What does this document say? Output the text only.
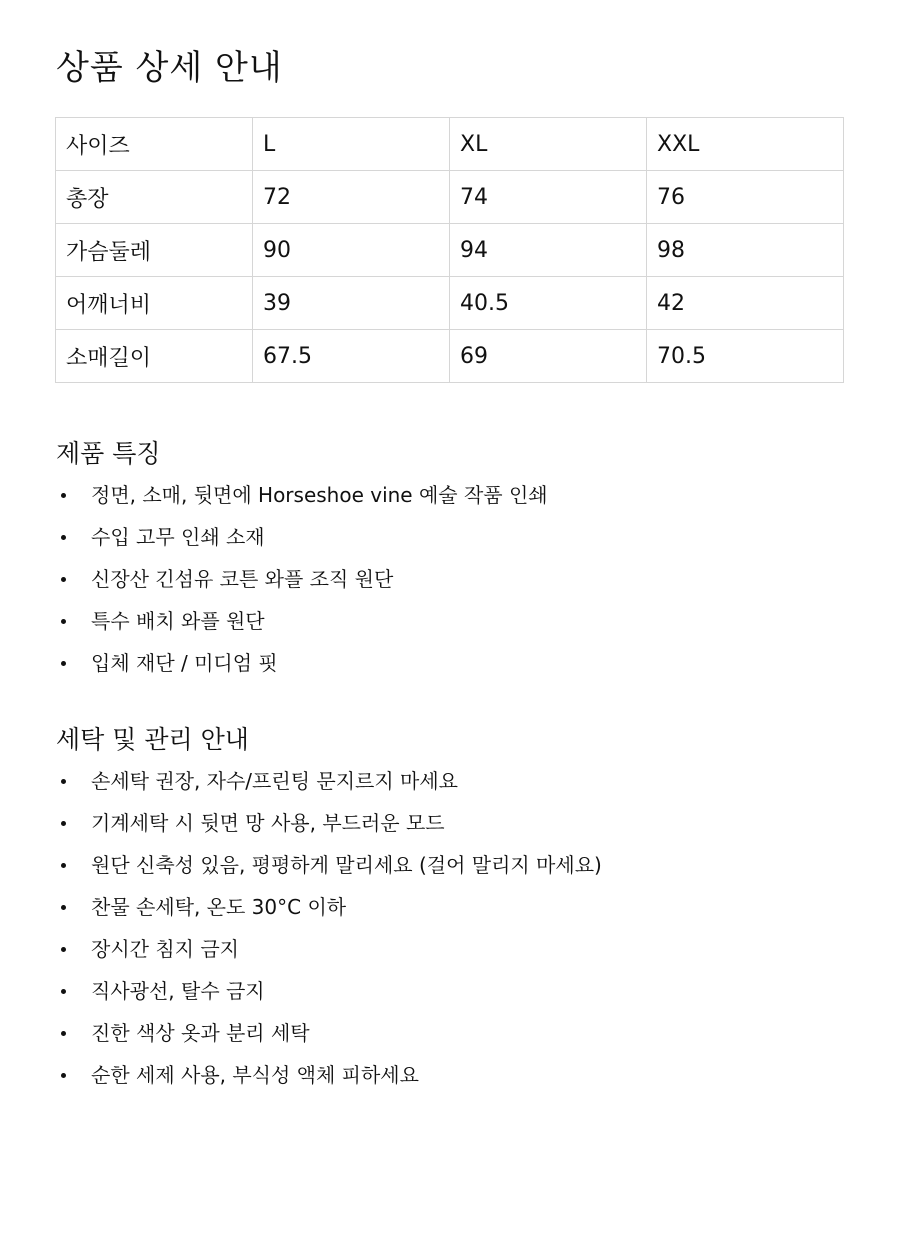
상품 상세 안내
사이즈	L	XL	XXL
총장	72	74	76
가슴둘레	90	94	98
어깨너비	39	40.5	42
소매길이	67.5	69	70.5
제품 특징
정면, 소매, 뒷면에 Horseshoe vine 예술 작품 인쇄
수입 고무 인쇄 소재
신장산 긴섬유 코튼 와플 조직 원단
특수 배치 와플 원단
입체 재단 / 미디엄 핏
세탁 및 관리 안내
손세탁 권장, 자수/프린팅 문지르지 마세요
기계세탁 시 뒷면 망 사용, 부드러운 모드
원단 신축성 있음, 평평하게 말리세요 (걸어 말리지 마세요)
찬물 손세탁, 온도 30°C 이하
장시간 침지 금지
직사광선, 탈수 금지
진한 색상 옷과 분리 세탁
순한 세제 사용, 부식성 액체 피하세요
